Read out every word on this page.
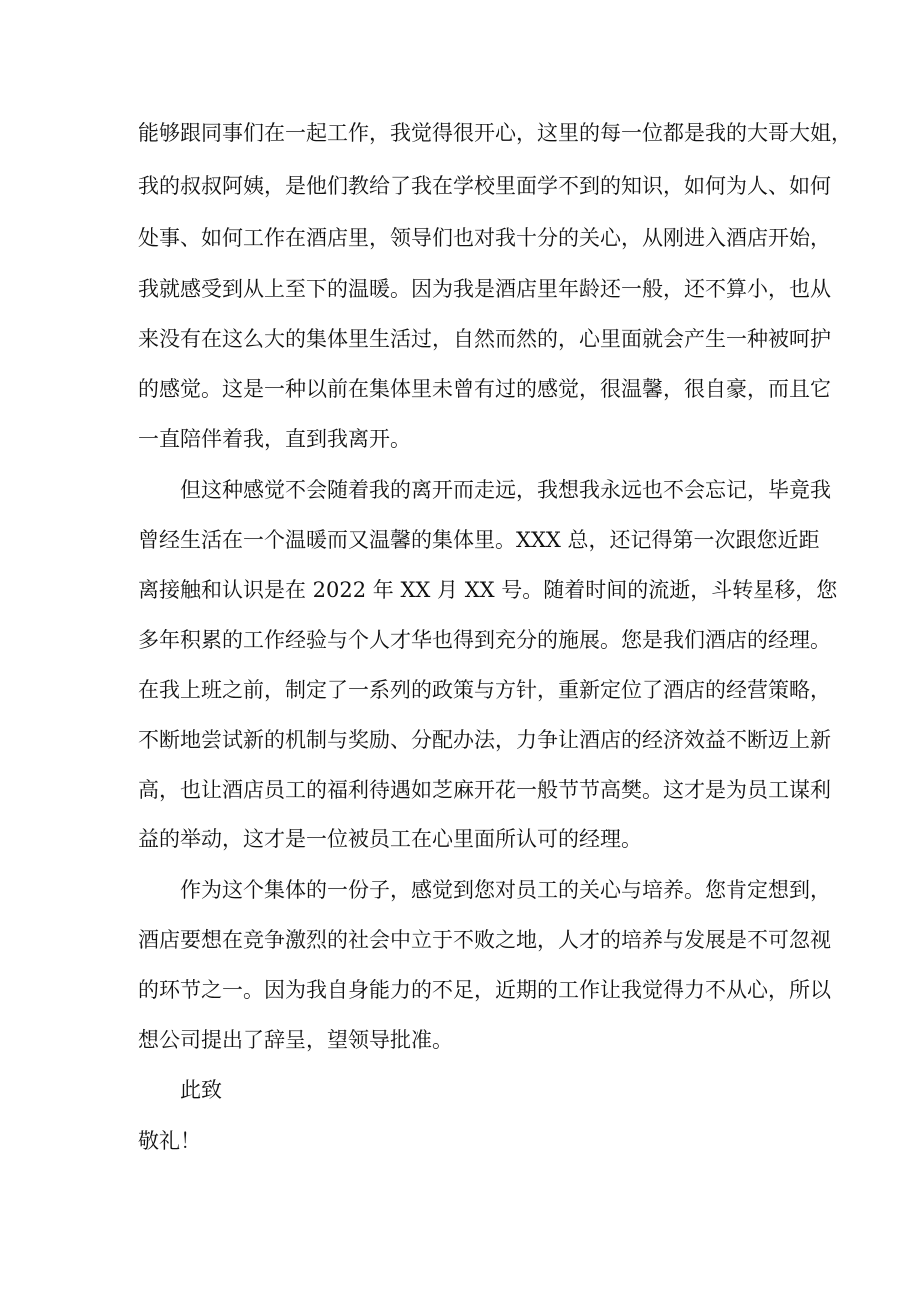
能够跟同事们在一起工作，我觉得很开心，这里的每一位都是我的大哥大姐，
我的叔叔阿姨，是他们教给了我在学校里面学不到的知识，如何为人、如何
处事、如何工作在酒店里，领导们也对我十分的关心，从刚进入酒店开始，
我就感受到从上至下的温暖。因为我是酒店里年龄还一般，还不算小，也从
来没有在这么大的集体里生活过，自然而然的，心里面就会产生一种被呵护
的感觉。这是一种以前在集体里未曾有过的感觉，很温馨，很自豪，而且它
一直陪伴着我，直到我离开。
但这种感觉不会随着我的离开而走远，我想我永远也不会忘记，毕竟我
曾经生活在一个温暖而又温馨的集体里。XXX 总，还记得第一次跟您近距
离接触和认识是在 2022 年 XX 月 XX 号。随着时间的流逝，斗转星移，您
多年积累的工作经验与个人才华也得到充分的施展。您是我们酒店的经理。
在我上班之前，制定了一系列的政策与方针，重新定位了酒店的经营策略，
不断地尝试新的机制与奖励、分配办法，力争让酒店的经济效益不断迈上新
高，也让酒店员工的福利待遇如芝麻开花一般节节高樊。这才是为员工谋利
益的举动，这才是一位被员工在心里面所认可的经理。
作为这个集体的一份子，感觉到您对员工的关心与培养。您肯定想到，
酒店要想在竞争激烈的社会中立于不败之地，人才的培养与发展是不可忽视
的环节之一。因为我自身能力的不足，近期的工作让我觉得力不从心，所以
想公司提出了辞呈，望领导批准。
此致
敬礼！
